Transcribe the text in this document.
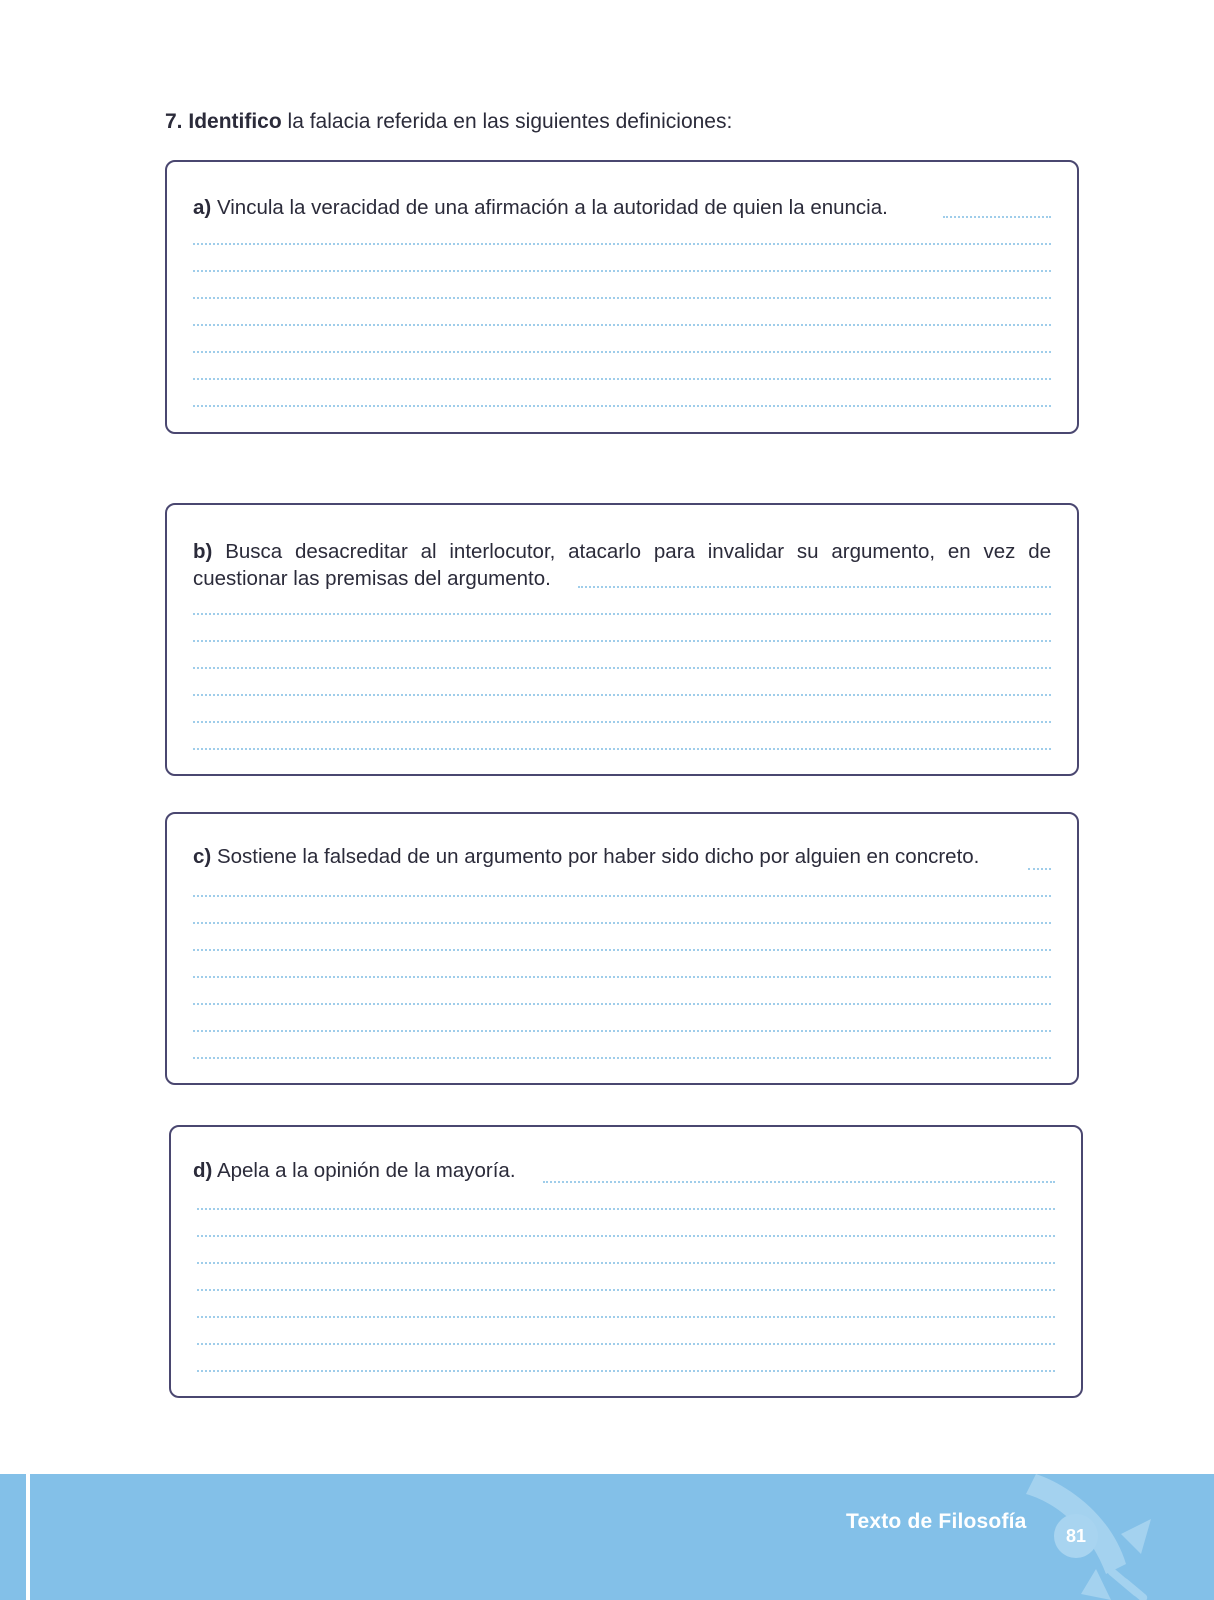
7. Identifico la falacia referida en las siguientes definiciones:

a) Vincula la veracidad de una afirmación a la autoridad de quien la enuncia.

b) Busca desacreditar al interlocutor, atacarlo para invalidar su argumento, en vez de cuestionar las premisas del argumento.

c) Sostiene la falsedad de un argumento por haber sido dicho por alguien en concreto.

d) Apela a la opinión de la mayoría.

Texto de Filosofía
81
